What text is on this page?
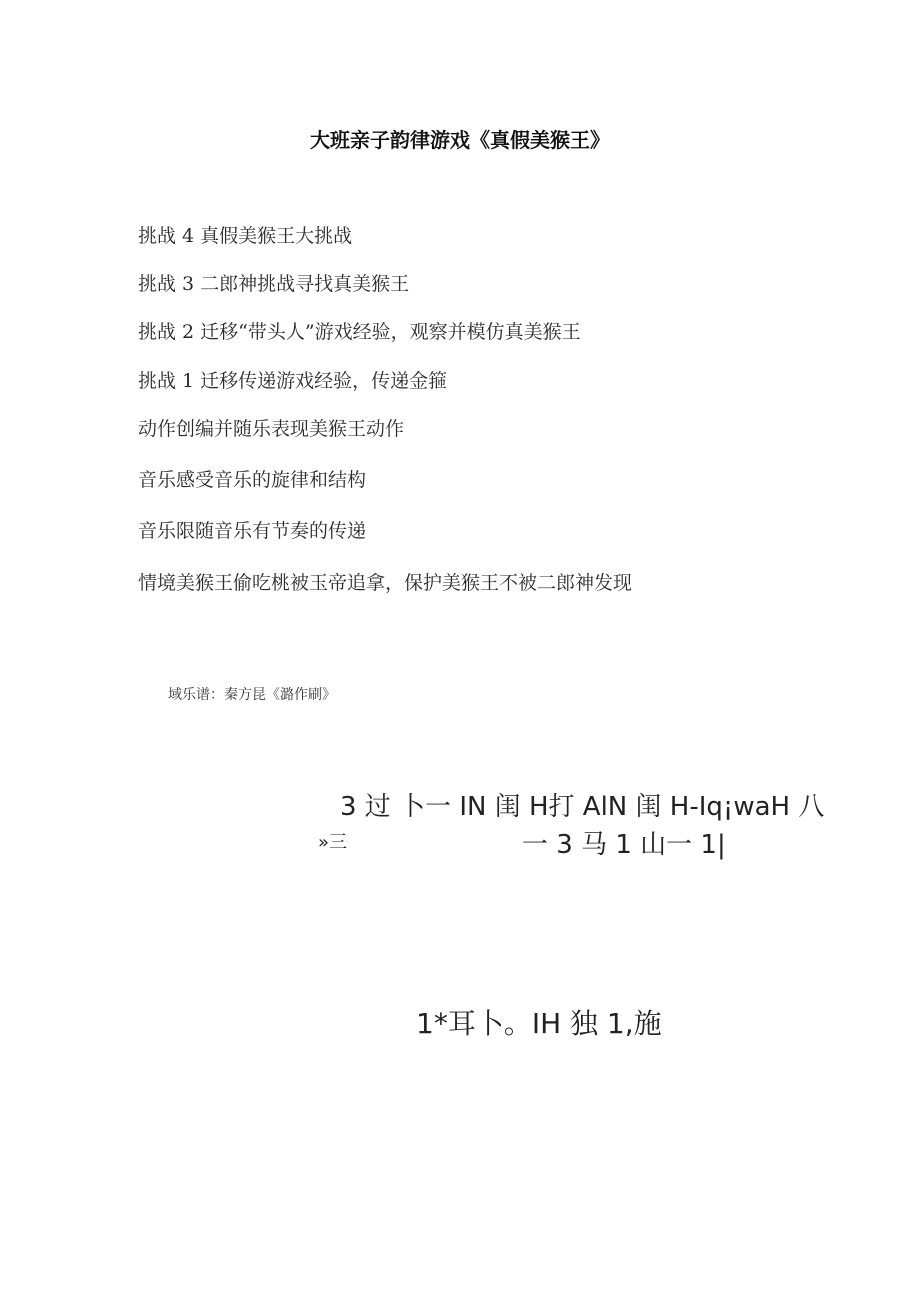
大班亲子韵律游戏《真假美猴王》
挑战 4 真假美猴王大挑战
挑战 3 二郎神挑战寻找真美猴王
挑战 2 迁移“带头人”游戏经验，观察并模仿真美猴王
挑战 1 迁移传递游戏经验，传递金箍
动作创编并随乐表现美猴王动作
音乐感受音乐的旋律和结构
音乐限随音乐有节奏的传递
情境美猴王偷吃桃被玉帝追拿，保护美猴王不被二郎神发现
域乐谱：秦方昆《潞作刷》
3 过 卜一 IN 闺 H打 AlN 闺 H-Iq¡waH 八
»三	一 3 马 1 山一 1|
1*耳卜。IH 独 1,施
